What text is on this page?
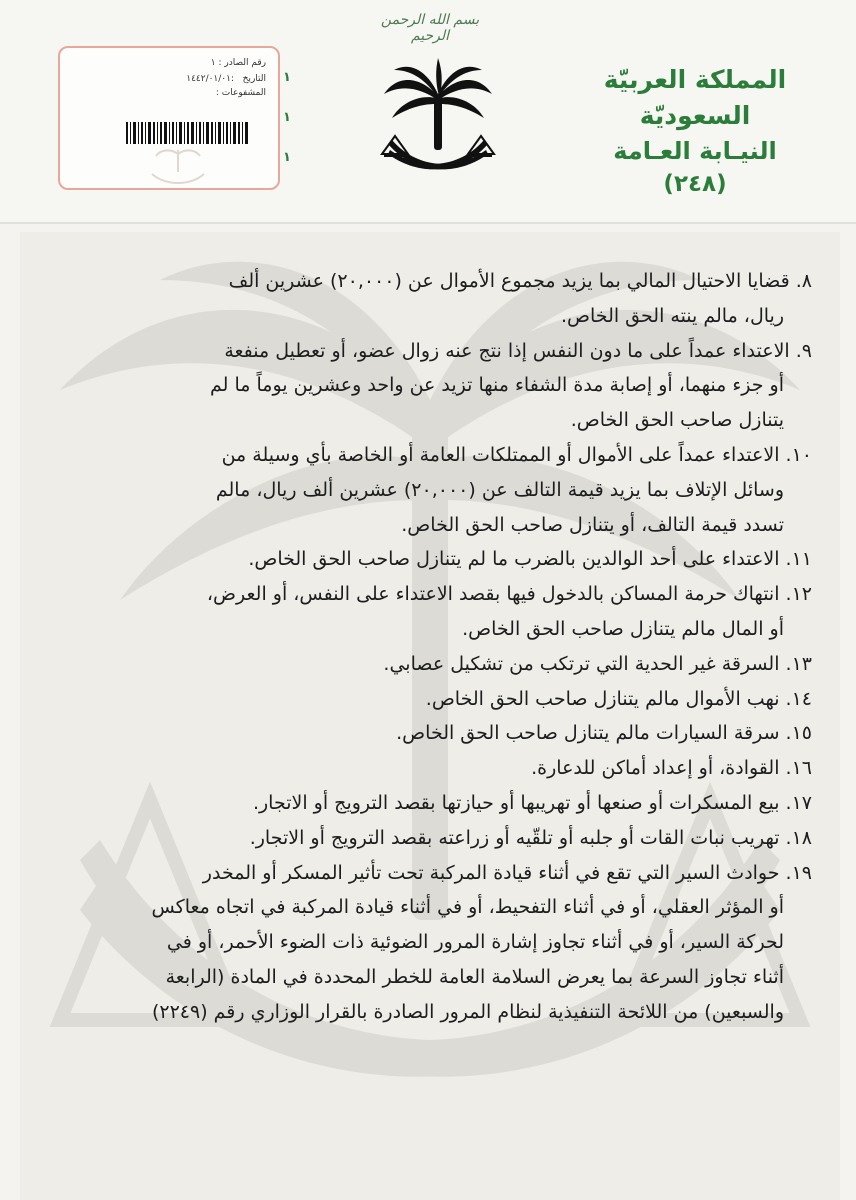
بسم الله الرحمن الرحيم
المملكة العربيّة السعوديّة
النيـابة العـامة
(٢٤٨)
رقم الصادر : ١
التاريخ   :١٤٤٢/٠١/٠١
المشفوعات :
١
١
١
٨. قضايا الاحتيال المالي بما يزيد مجموع الأموال عن (٢٠,٠٠٠) عشرين ألف
ريال، مالم ينته الحق الخاص.
٩. الاعتداء عمداً على ما دون النفس إذا نتج عنه زوال عضو، أو تعطيل منفعة
أو جزء منهما، أو إصابة مدة الشفاء منها تزيد عن واحد وعشرين يوماً ما لم
يتنازل صاحب الحق الخاص.
١٠. الاعتداء عمداً على الأموال أو الممتلكات العامة أو الخاصة بأي وسيلة من
وسائل الإتلاف بما يزيد قيمة التالف عن (٢٠,٠٠٠) عشرين ألف ريال، مالم
تسدد قيمة التالف، أو يتنازل صاحب الحق الخاص.
١١. الاعتداء على أحد الوالدين بالضرب ما لم يتنازل صاحب الحق الخاص.
١٢. انتهاك حرمة المساكن بالدخول فيها بقصد الاعتداء على النفس، أو العرض،
أو المال مالم يتنازل صاحب الحق الخاص.
١٣. السرقة غير الحدية التي ترتكب من تشكيل عصابي.
١٤. نهب الأموال مالم يتنازل صاحب الحق الخاص.
١٥. سرقة السيارات مالم يتنازل صاحب الحق الخاص.
١٦. القوادة، أو إعداد أماكن للدعارة.
١٧. بيع المسكرات أو صنعها أو تهريبها أو حيازتها بقصد الترويج أو الاتجار.
١٨. تهريب نبات القات أو جلبه أو تلقّيه أو زراعته بقصد الترويج أو الاتجار.
١٩. حوادث السير التي تقع في أثناء قيادة المركبة تحت تأثير المسكر أو المخدر
أو المؤثر العقلي، أو في أثناء التفحيط، أو في أثناء قيادة المركبة في اتجاه معاكس
لحركة السير، أو في أثناء تجاوز إشارة المرور الضوئية ذات الضوء الأحمر، أو في
أثناء تجاوز السرعة بما يعرض السلامة العامة للخطر المحددة في المادة (الرابعة
والسبعين) من اللائحة التنفيذية لنظام المرور الصادرة بالقرار الوزاري رقم (٢٢٤٩)
